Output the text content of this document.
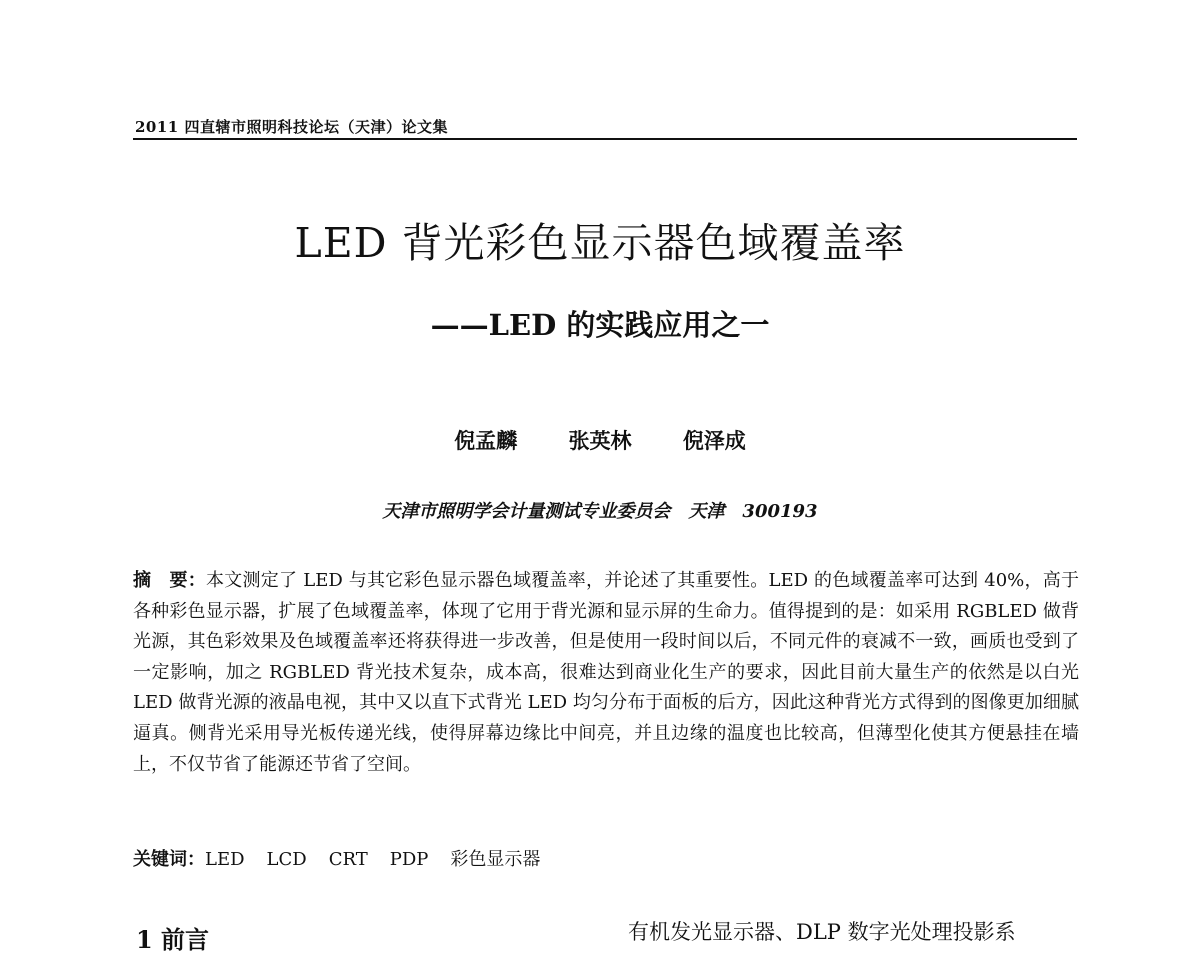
2011 四直辖市照明科技论坛（天津）论文集
LED 背光彩色显示器色域覆盖率
——LED 的实践应用之一
倪孟麟 张英林 倪泽成
天津市照明学会计量测试专业委员会　天津　300193
摘　要：本文测定了 LED 与其它彩色显示器色域覆盖率，并论述了其重要性。LED 的色域覆盖率可达到 40%，高于各种彩色显示器，扩展了色域覆盖率，体现了它用于背光源和显示屏的生命力。值得提到的是：如采用 RGBLED 做背光源，其色彩效果及色域覆盖率还将获得进一步改善，但是使用一段时间以后，不同元件的衰减不一致，画质也受到了一定影响，加之 RGBLED 背光技术复杂，成本高，很难达到商业化生产的要求，因此目前大量生产的依然是以白光 LED 做背光源的液晶电视，其中又以直下式背光 LED 均匀分布于面板的后方，因此这种背光方式得到的图像更加细腻逼真。侧背光采用导光板传递光线，使得屏幕边缘比中间亮，并且边缘的温度也比较高，但薄型化使其方便悬挂在墙上，不仅节省了能源还节省了空间。
关键词：LED LCD CRT PDP 彩色显示器
1 前言	有机发光显示器、DLP 数字光处理投影系
